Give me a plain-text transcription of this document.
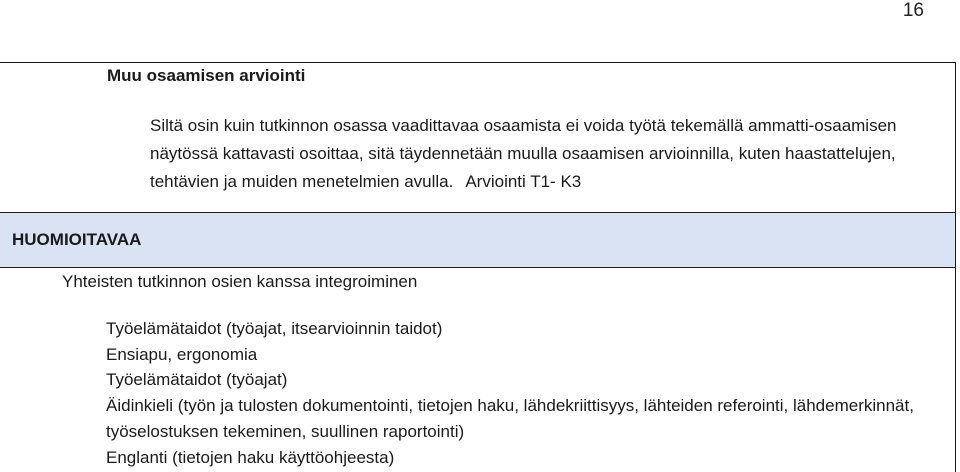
16
Muu osaamisen arviointi
Siltä osin kuin tutkinnon osassa vaadittavaa osaamista ei voida työtä tekemällä ammatti-osaamisen näytössä kattavasti osoittaa, sitä täydennetään muulla osaamisen arvioinnilla, kuten haastattelujen, tehtävien ja muiden menetelmien avulla. Arviointi T1- K3
HUOMIOITAVAA
Yhteisten tutkinnon osien kanssa integroiminen
Työelämätaidot (työajat, itsearvioinnin taidot)
Ensiapu, ergonomia
Työelämätaidot (työajat)
Äidinkieli (työn ja tulosten dokumentointi, tietojen haku, lähdekriittisyys, lähteiden referointi, lähdemerkinnät, työselostuksen tekeminen, suullinen raportointi)
Englanti (tietojen haku käyttöohjeesta)
